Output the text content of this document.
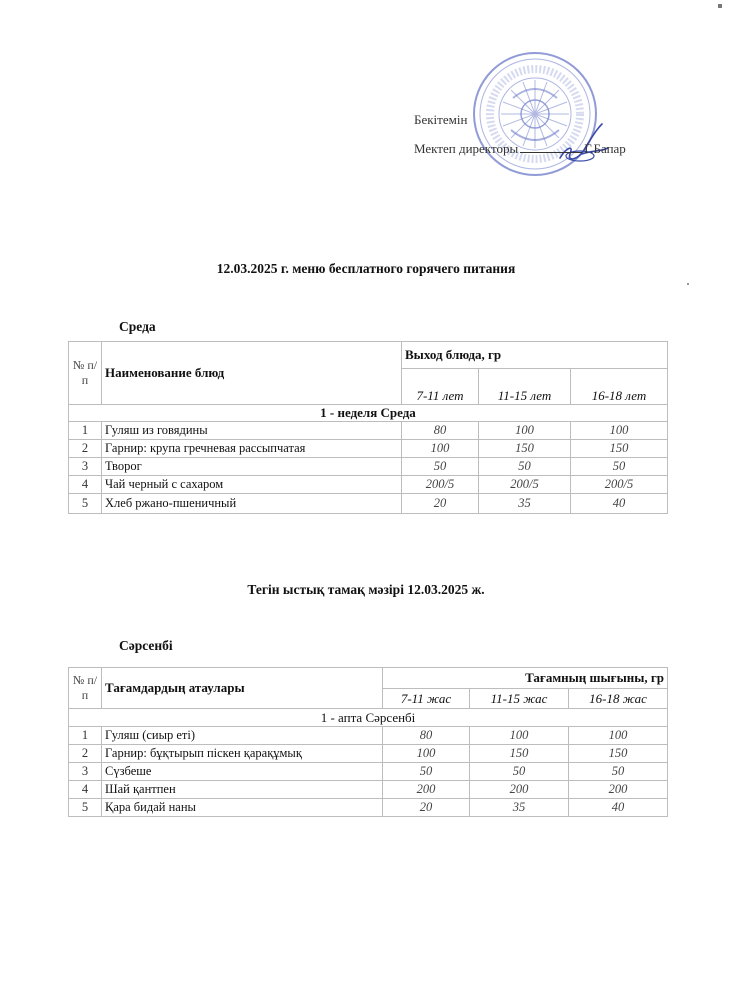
Бекітемін
Мектеп директоры	Г.Бапар
12.03.2025 г. меню бесплатного горячего питания
Среда
№ п/п	Наименование блюд	Выход блюда, гр		
		7-11 лет	11-15 лет	16-18 лет
1 - неделя Среда				
1	Гуляш из говядины	80	100	100
2	Гарнир: крупа гречневая рассыпчатая	100	150	150
3	Творог	50	50	50
4	Чай черный с сахаром	200/5	200/5	200/5
5	Хлеб ржано-пшеничный	20	35	40
Тегін ыстық тамақ мәзірі 12.03.2025 ж.
Сәрсенбі
№ п/п	Тағамдардың атаулары	Тағамның шығыны, гр		
		7-11 жас	11-15 жас	16-18 жас
1 - апта Сәрсенбі				
1	Гуляш (сиыр еті)	80	100	100
2	Гарнир: бұқтырып піскен қарақұмық	100	150	150
3	Сүзбеше	50	50	50
4	Шай қантпен	200	200	200
5	Қара бидай наны	20	35	40
